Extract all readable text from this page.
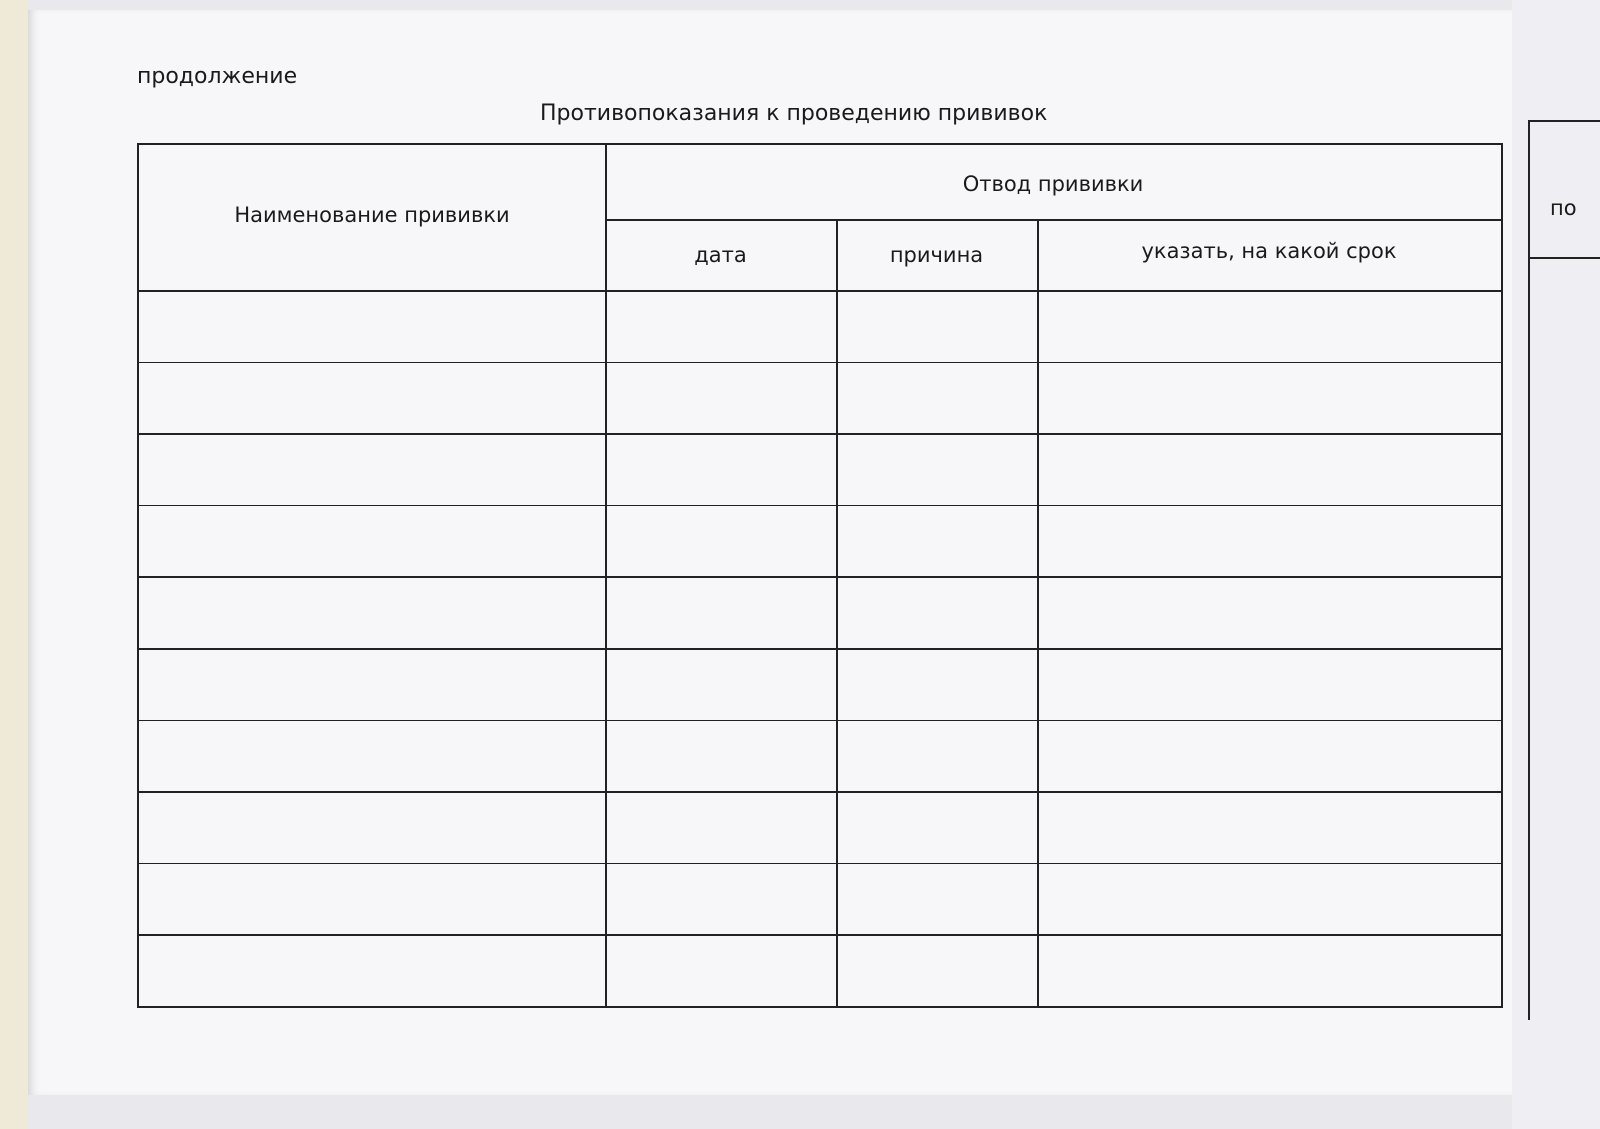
по
продолжение
Противопоказания к проведению прививок
Наименование прививки
Отвод прививки
дата	причина	указать, на какой срок
